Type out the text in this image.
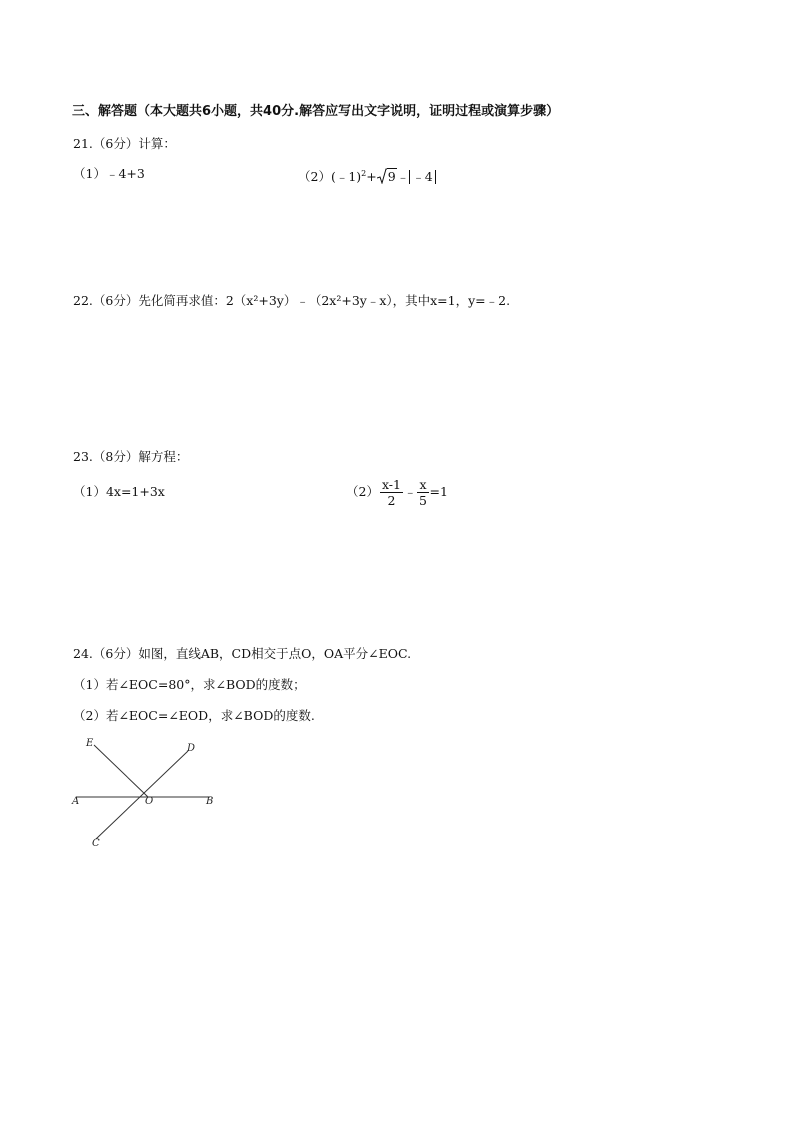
三、解答题（本大题共6小题，共40分.解答应写出文字说明，证明过程或演算步骤）
21.（6分）计算：
（1）﹣4+3	（2）(﹣1)$^2$+ 9﹣ ﹣4
22.（6分）先化简再求值：2（x²+3y）﹣（2x²+3y﹣x），其中x=1，y=﹣2.
23.（8分）解方程：
（1）4x=1+3x	$(2) \frac{x-1}{2}$ ﹣ $\frac{x}{5} =1$
24.（6分）如图，直线AB，CD相交于点O，OA平分∠EOC.
（1）若∠EOC=80°，求∠BOD的度数；
（2）若∠EOC=∠EOD，求∠BOD的度数.
E	D
A	O	B
C
